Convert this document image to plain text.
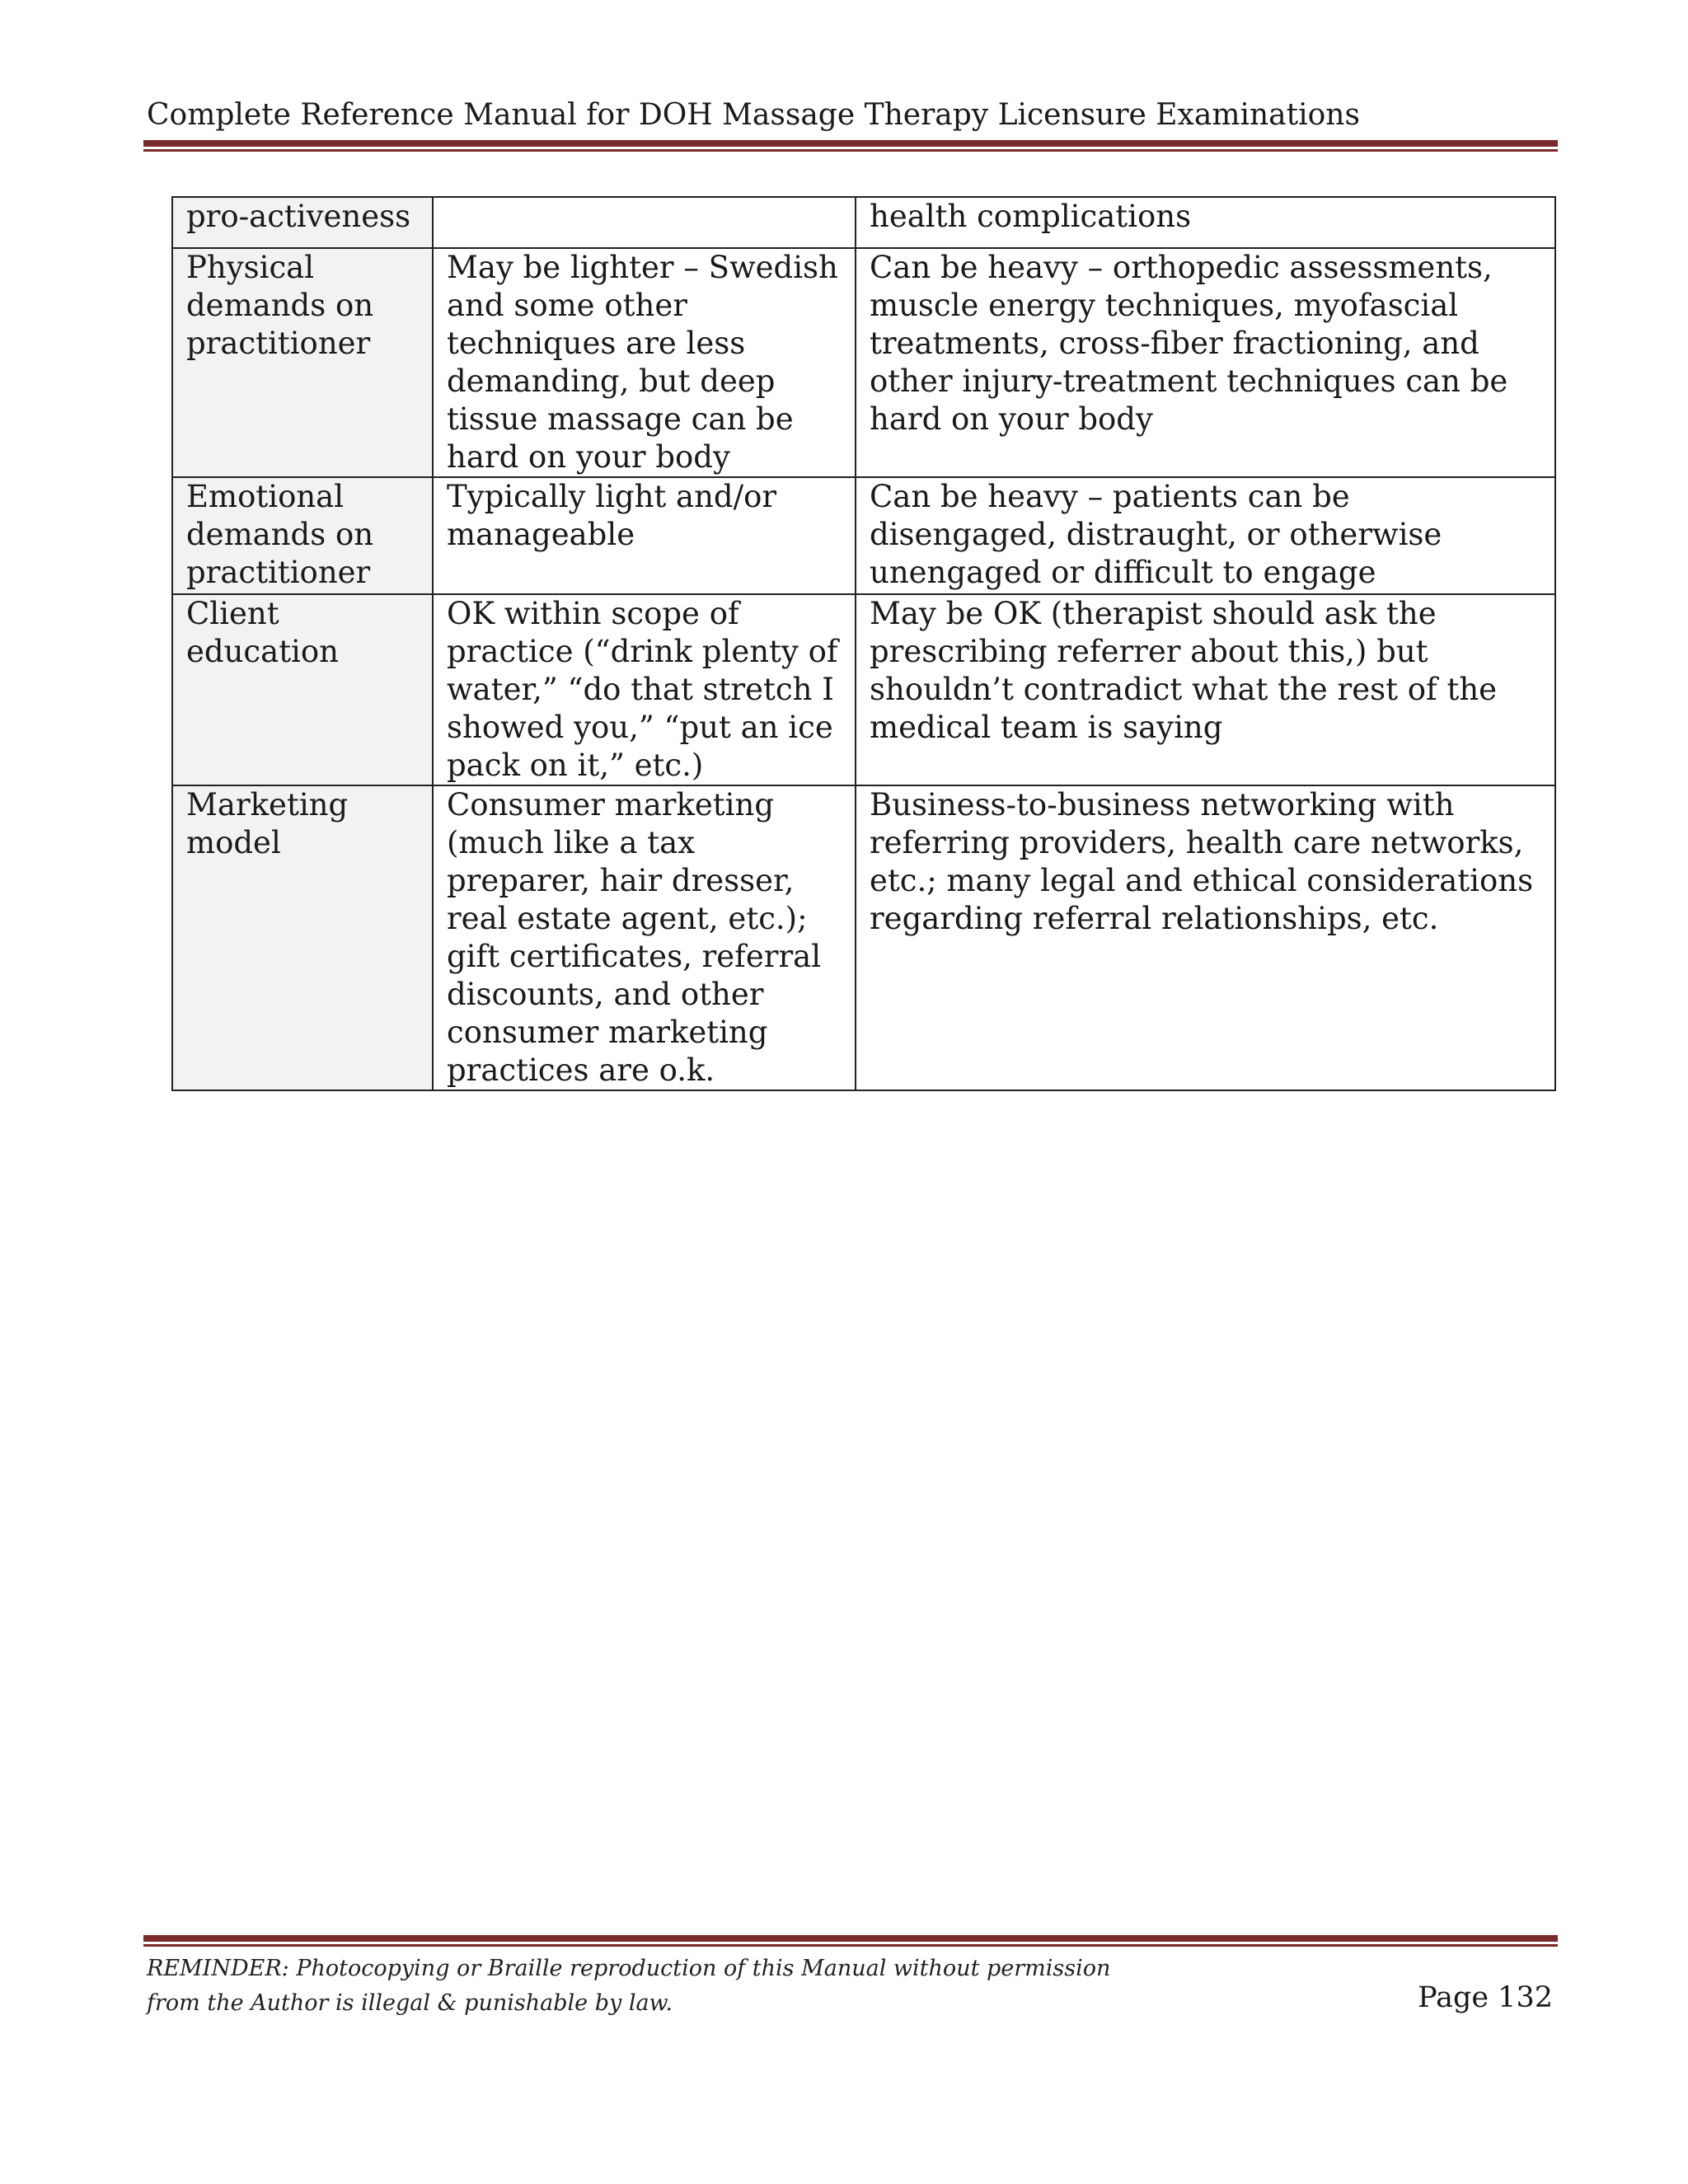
Complete Reference Manual for DOH Massage Therapy Licensure Examinations
pro-activeness		health complications
Physical demands on practitioner	May be lighter – Swedish and some other techniques are less demanding, but deep tissue massage can be hard on your body	Can be heavy – orthopedic assessments, muscle energy techniques, myofascial treatments, cross-fiber fractioning, and other injury-treatment techniques can be hard on your body
Emotional demands on practitioner	Typically light and/or manageable	Can be heavy – patients can be disengaged, distraught, or otherwise unengaged or difficult to engage
Client education	OK within scope of practice (“drink plenty of water,” “do that stretch I showed you,” “put an ice pack on it,” etc.)	May be OK (therapist should ask the prescribing referrer about this,) but shouldn’t contradict what the rest of the medical team is saying
Marketing model	Consumer marketing (much like a tax preparer, hair dresser, real estate agent, etc.); gift certificates, referral discounts, and other consumer marketing practices are o.k.	Business-to-business networking with referring providers, health care networks, etc.; many legal and ethical considerations regarding referral relationships, etc.
REMINDER: Photocopying or Braille reproduction of this Manual without permission
from the Author is illegal & punishable by law.	Page 132
